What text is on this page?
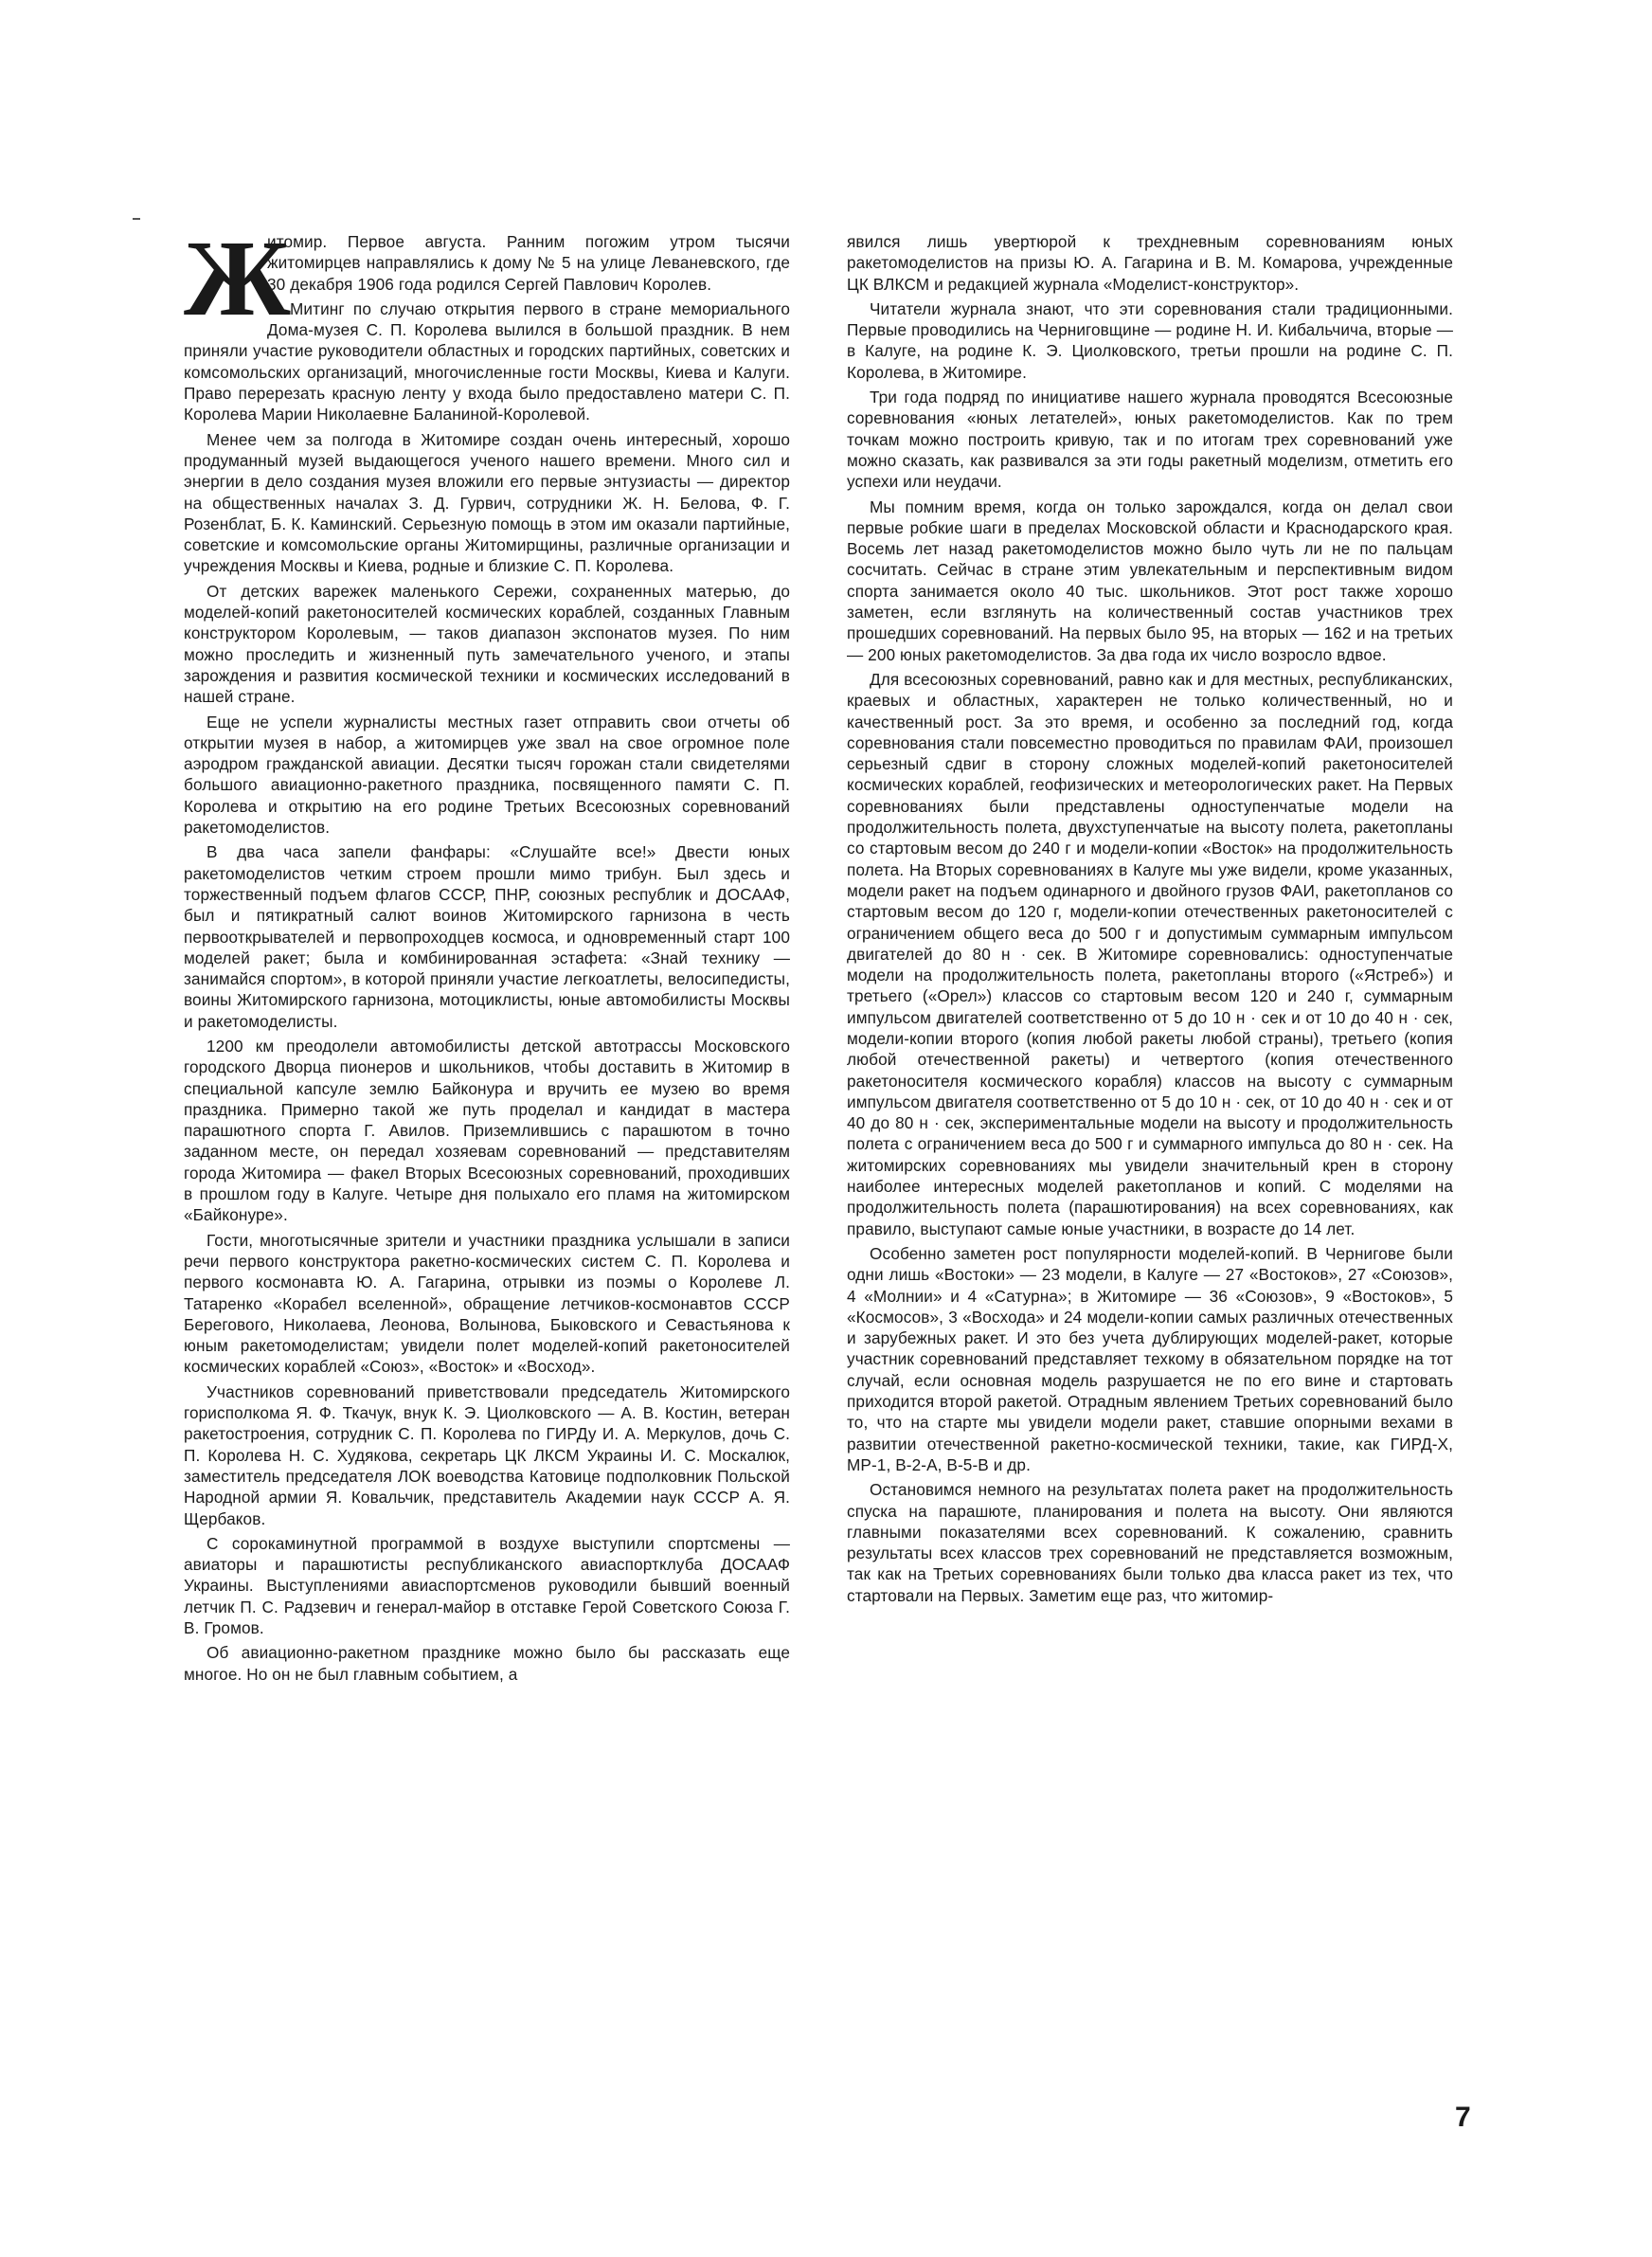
Ж

итомир. Первое августа. Ранним погожим утром тысячи житомирцев направлялись к дому № 5 на улице Леваневского, где 30 декабря 1906 года родился Сергей Павлович Королев.

Митинг по случаю открытия первого в стране мемориального Дома-музея С. П. Королева вылился в большой праздник. В нем приняли участие руководители областных и городских партийных, советских и комсомольских организаций, многочисленные гости Москвы, Киева и Калуги. Право перерезать красную ленту у входа было предоставлено матери С. П. Королева Марии Николаевне Баланиной-Королевой.

Менее чем за полгода в Житомире создан очень интересный, хорошо продуманный музей выдающегося ученого нашего времени. Много сил и энергии в дело создания музея вложили его первые энтузиасты — директор на общественных началах З. Д. Гурвич, сотрудники Ж. Н. Белова, Ф. Г. Розенблат, Б. К. Каминский. Серьезную помощь в этом им оказали партийные, советские и комсомольские органы Житомирщины, различные организации и учреждения Москвы и Киева, родные и близкие С. П. Королева.

От детских варежек маленького Сережи, сохраненных матерью, до моделей-копий ракетоносителей космических кораблей, созданных Главным конструктором Королевым, — таков диапазон экспонатов музея. По ним можно проследить и жизненный путь замечательного ученого, и этапы зарождения и развития космической техники и космических исследований в нашей стране.

Еще не успели журналисты местных газет отправить свои отчеты об открытии музея в набор, а житомирцев уже звал на свое огромное поле аэродром гражданской авиации. Десятки тысяч горожан стали свидетелями большого авиационно-ракетного праздника, посвященного памяти С. П. Королева и открытию на его родине Третьих Всесоюзных соревнований ракетомоделистов.

В два часа запели фанфары: «Слушайте все!» Двести юных ракетомоделистов четким строем прошли мимо трибун. Был здесь и торжественный подъем флагов СССР, ПНР, союзных республик и ДОСААФ, был и пятикратный салют воинов Житомирского гарнизона в честь первооткрывателей и первопроходцев космоса, и одновременный старт 100 моделей ракет; была и комбинированная эстафета: «Знай технику — занимайся спортом», в которой приняли участие легкоатлеты, велосипедисты, воины Житомирского гарнизона, мотоциклисты, юные автомобилисты Москвы и ракетомоделисты.

1200 км преодолели автомобилисты детской автотрассы Московского городского Дворца пионеров и школьников, чтобы доставить в Житомир в специальной капсуле землю Байконура и вручить ее музею во время праздника. Примерно такой же путь проделал и кандидат в мастера парашютного спорта Г. Авилов. Приземлившись с парашютом в точно заданном месте, он передал хозяевам соревнований — представителям города Житомира — факел Вторых Всесоюзных соревнований, проходивших в прошлом году в Калуге. Четыре дня полыхало его пламя на житомирском «Байконуре».

Гости, многотысячные зрители и участники праздника услышали в записи речи первого конструктора ракетно-космических систем С. П. Королева и первого космонавта Ю. А. Гагарина, отрывки из поэмы о Королеве Л. Татаренко «Корабел вселенной», обращение летчиков-космонавтов СССР Берегового, Николаева, Леонова, Волынова, Быковского и Севастьянова к юным ракетомоделистам; увидели полет моделей-копий ракетоносителей космических кораблей «Союз», «Восток» и «Восход».

Участников соревнований приветствовали председатель Житомирского горисполкома Я. Ф. Ткачук, внук К. Э. Циолковского — А. В. Костин, ветеран ракетостроения, сотрудник С. П. Королева по ГИРДу И. А. Меркулов, дочь С. П. Королева Н. С. Худякова, секретарь ЦК ЛКСМ Украины И. С. Москалюк, заместитель председателя ЛОК воеводства Катовице подполковник Польской Народной армии Я. Ковальчик, представитель Академии наук СССР А. Я. Щербаков.

С сорокаминутной программой в воздухе выступили спортсмены — авиаторы и парашютисты республиканского авиаспортклуба ДОСААФ Украины. Выступлениями авиаспортсменов руководили бывший военный летчик П. С. Радзевич и генерал-майор в отставке Герой Советского Союза Г. В. Громов.

Об авиационно-ракетном празднике можно было бы рассказать еще многое. Но он не был главным событием, а

явился лишь увертюрой к трехдневным соревнованиям юных ракетомоделистов на призы Ю. А. Гагарина и В. М. Комарова, учрежденные ЦК ВЛКСМ и редакцией журнала «Моделист-конструктор».

Читатели журнала знают, что эти соревнования стали традиционными. Первые проводились на Черниговщине — родине Н. И. Кибальчича, вторые — в Калуге, на родине К. Э. Циолковского, третьи прошли на родине С. П. Королева, в Житомире.

Три года подряд по инициативе нашего журнала проводятся Всесоюзные соревнования «юных летателей», юных ракетомоделистов. Как по трем точкам можно построить кривую, так и по итогам трех соревнований уже можно сказать, как развивался за эти годы ракетный моделизм, отметить его успехи или неудачи.

Мы помним время, когда он только зарождался, когда он делал свои первые робкие шаги в пределах Московской области и Краснодарского края. Восемь лет назад ракетомоделистов можно было чуть ли не по пальцам сосчитать. Сейчас в стране этим увлекательным и перспективным видом спорта занимается около 40 тыс. школьников. Этот рост также хорошо заметен, если взглянуть на количественный состав участников трех прошедших соревнований. На первых было 95, на вторых — 162 и на третьих — 200 юных ракетомоделистов. За два года их число возросло вдвое.

Для всесоюзных соревнований, равно как и для местных, республиканских, краевых и областных, характерен не только количественный, но и качественный рост. За это время, и особенно за последний год, когда соревнования стали повсеместно проводиться по правилам ФАИ, произошел серьезный сдвиг в сторону сложных моделей-копий ракетоносителей космических кораблей, геофизических и метеорологических ракет. На Первых соревнованиях были представлены одноступенчатые модели на продолжительность полета, двухступенчатые на высоту полета, ракетопланы со стартовым весом до 240 г и модели-копии «Восток» на продолжительность полета. На Вторых соревнованиях в Калуге мы уже видели, кроме указанных, модели ракет на подъем одинарного и двойного грузов ФАИ, ракетопланов со стартовым весом до 120 г, модели-копии отечественных ракетоносителей с ограничением общего веса до 500 г и допустимым суммарным импульсом двигателей до 80 н · сек. В Житомире соревновались: одноступенчатые модели на продолжительность полета, ракетопланы второго («Ястреб») и третьего («Орел») классов со стартовым весом 120 и 240 г, суммарным импульсом двигателей соответственно от 5 до 10 н · сек и от 10 до 40 н · сек, модели-копии второго (копия любой ракеты любой страны), третьего (копия любой отечественной ракеты) и четвертого (копия отечественного ракетоносителя космического корабля) классов на высоту с суммарным импульсом двигателя соответственно от 5 до 10 н · сек, от 10 до 40 н · сек и от 40 до 80 н · сек, экспериментальные модели на высоту и продолжительность полета с ограничением веса до 500 г и суммарного импульса до 80 н · сек. На житомирских соревнованиях мы увидели значительный крен в сторону наиболее интересных моделей ракетопланов и копий. С моделями на продолжительность полета (парашютирования) на всех соревнованиях, как правило, выступают самые юные участники, в возрасте до 14 лет.

Особенно заметен рост популярности моделей-копий. В Чернигове были одни лишь «Востоки» — 23 модели, в Калуге — 27 «Востоков», 27 «Союзов», 4 «Молнии» и 4 «Сатурна»; в Житомире — 36 «Союзов», 9 «Востоков», 5 «Космосов», 3 «Восхода» и 24 модели-копии самых различных отечественных и зарубежных ракет. И это без учета дублирующих моделей-ракет, которые участник соревнований представляет техкому в обязательном порядке на тот случай, если основная модель разрушается не по его вине и стартовать приходится второй ракетой. Отрадным явлением Третьих соревнований было то, что на старте мы увидели модели ракет, ставшие опорными вехами в развитии отечественной ракетно-космической техники, такие, как ГИРД-Х, МР-1, В-2-А, В-5-В и др.

Остановимся немного на результатах полета ракет на продолжительность спуска на парашюте, планирования и полета на высоту. Они являются главными показателями всех соревнований. К сожалению, сравнить результаты всех классов трех соревнований не представляется возможным, так как на Третьих соревнованиях были только два класса ракет из тех, что стартовали на Первых. Заметим еще раз, что житомир-

7
